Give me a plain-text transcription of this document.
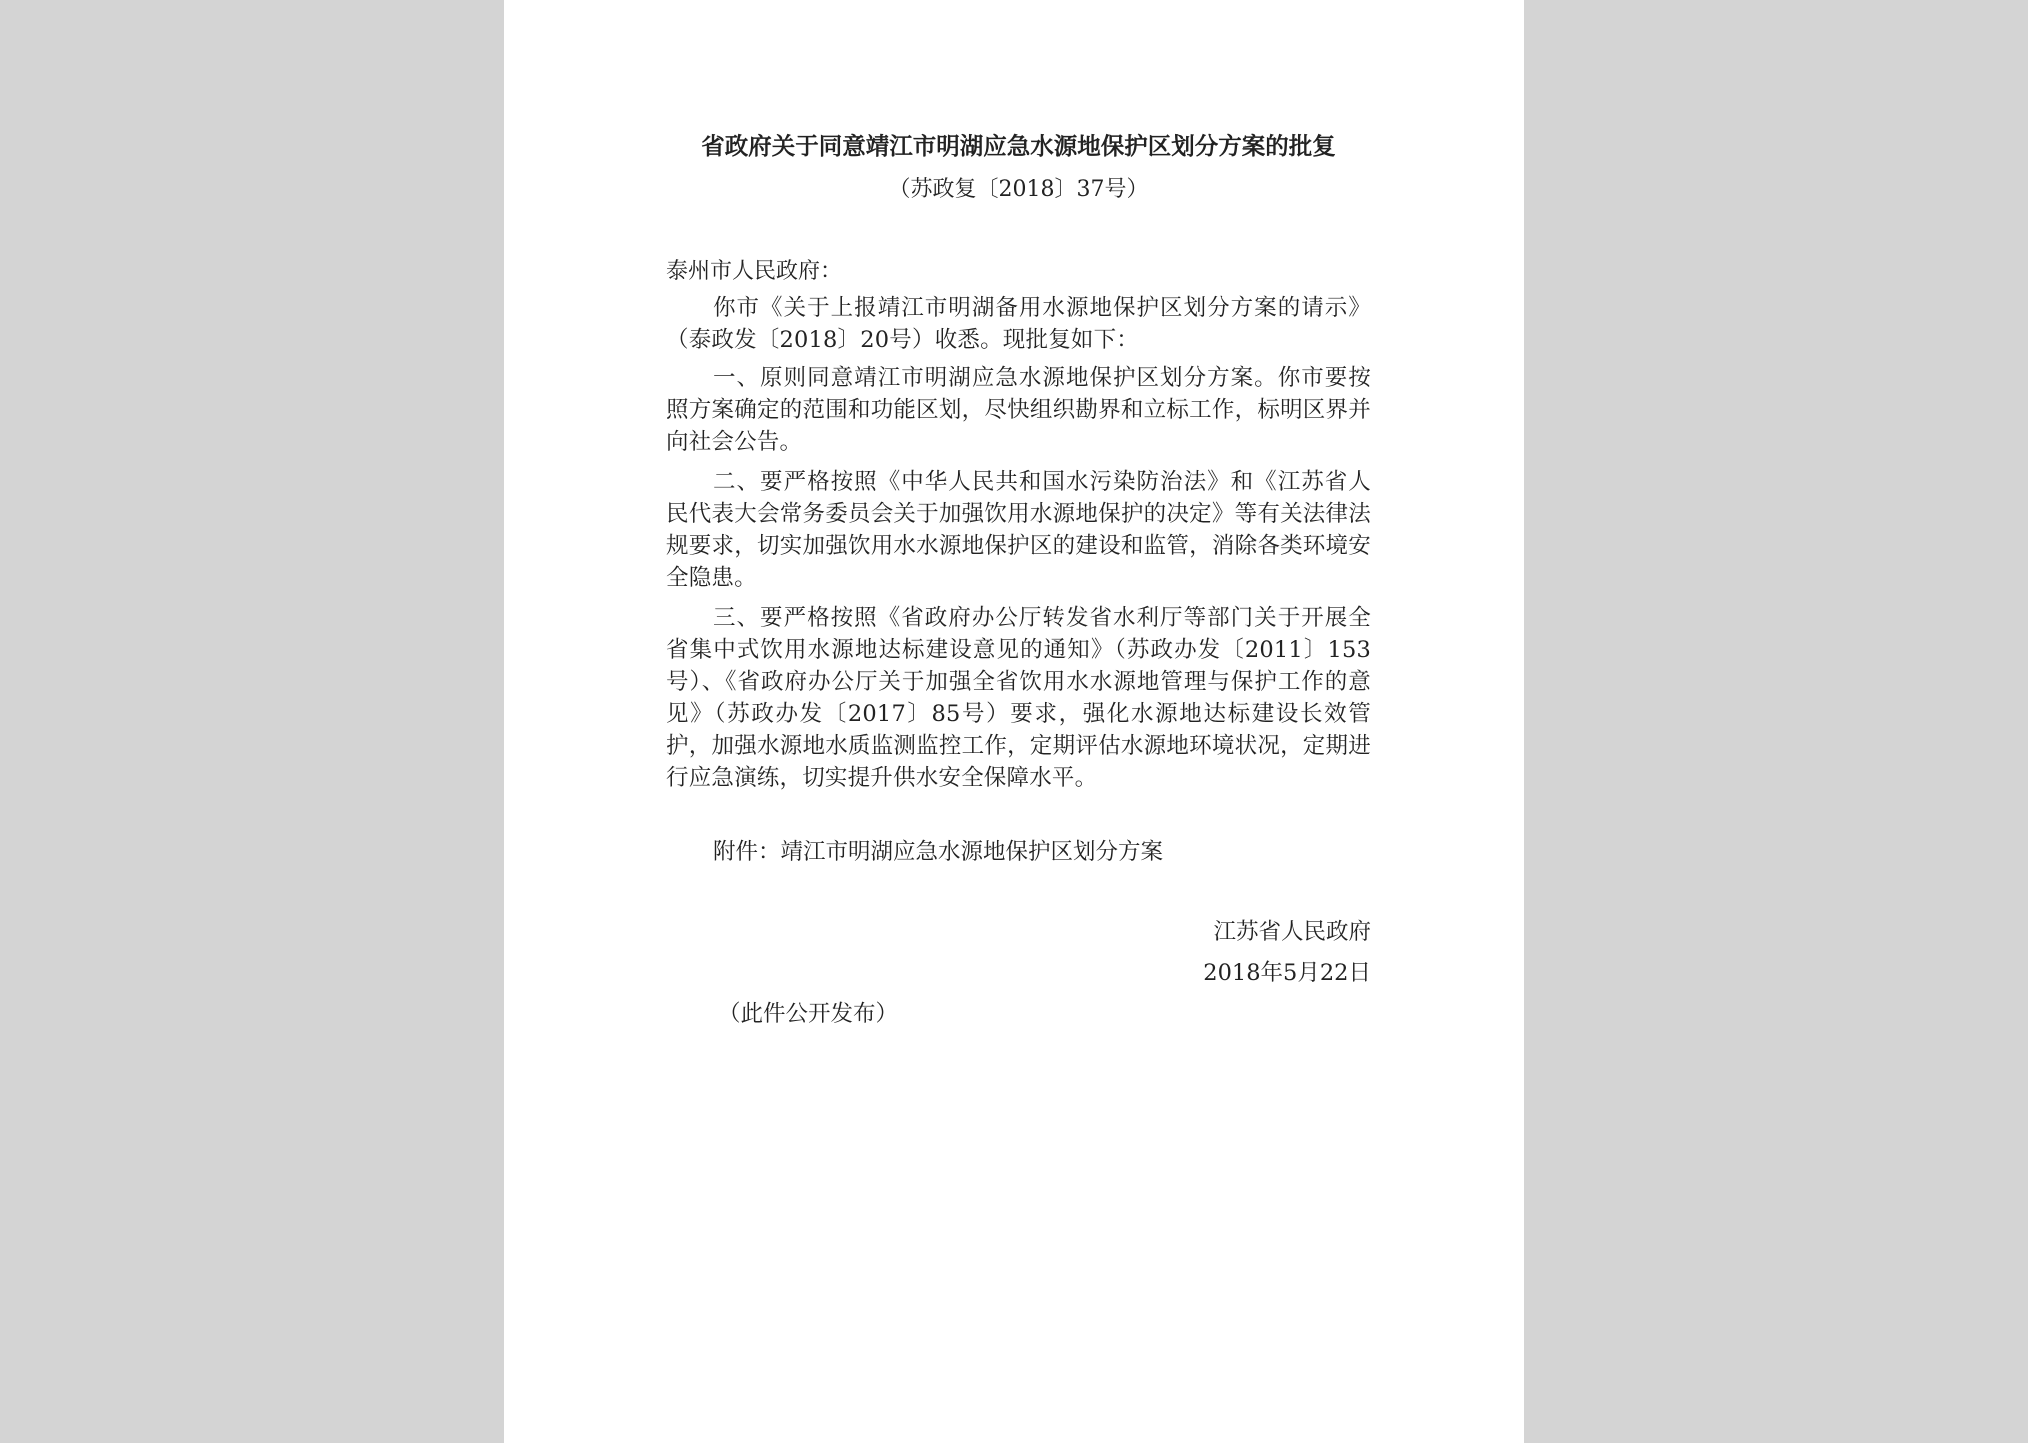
省政府关于同意靖江市明湖应急水源地保护区划分方案的批复
（苏政复〔2018〕37号）
泰州市人民政府：
你市《关于上报靖江市明湖备用水源地保护区划分方案的请示》（泰政发〔2018〕20号）收悉。现批复如下：
一、原则同意靖江市明湖应急水源地保护区划分方案。你市要按照方案确定的范围和功能区划，尽快组织勘界和立标工作，标明区界并向社会公告。
二、要严格按照《中华人民共和国水污染防治法》和《江苏省人民代表大会常务委员会关于加强饮用水源地保护的决定》等有关法律法规要求，切实加强饮用水水源地保护区的建设和监管，消除各类环境安全隐患。
三、要严格按照《省政府办公厅转发省水利厅等部门关于开展全省集中式饮用水源地达标建设意见的通知》（苏政办发〔2011〕153号）、《省政府办公厅关于加强全省饮用水水源地管理与保护工作的意见》（苏政办发〔2017〕85号）要求，强化水源地达标建设长效管护，加强水源地水质监测监控工作，定期评估水源地环境状况，定期进行应急演练，切实提升供水安全保障水平。
附件：靖江市明湖应急水源地保护区划分方案
江苏省人民政府
2018年5月22日
（此件公开发布）
